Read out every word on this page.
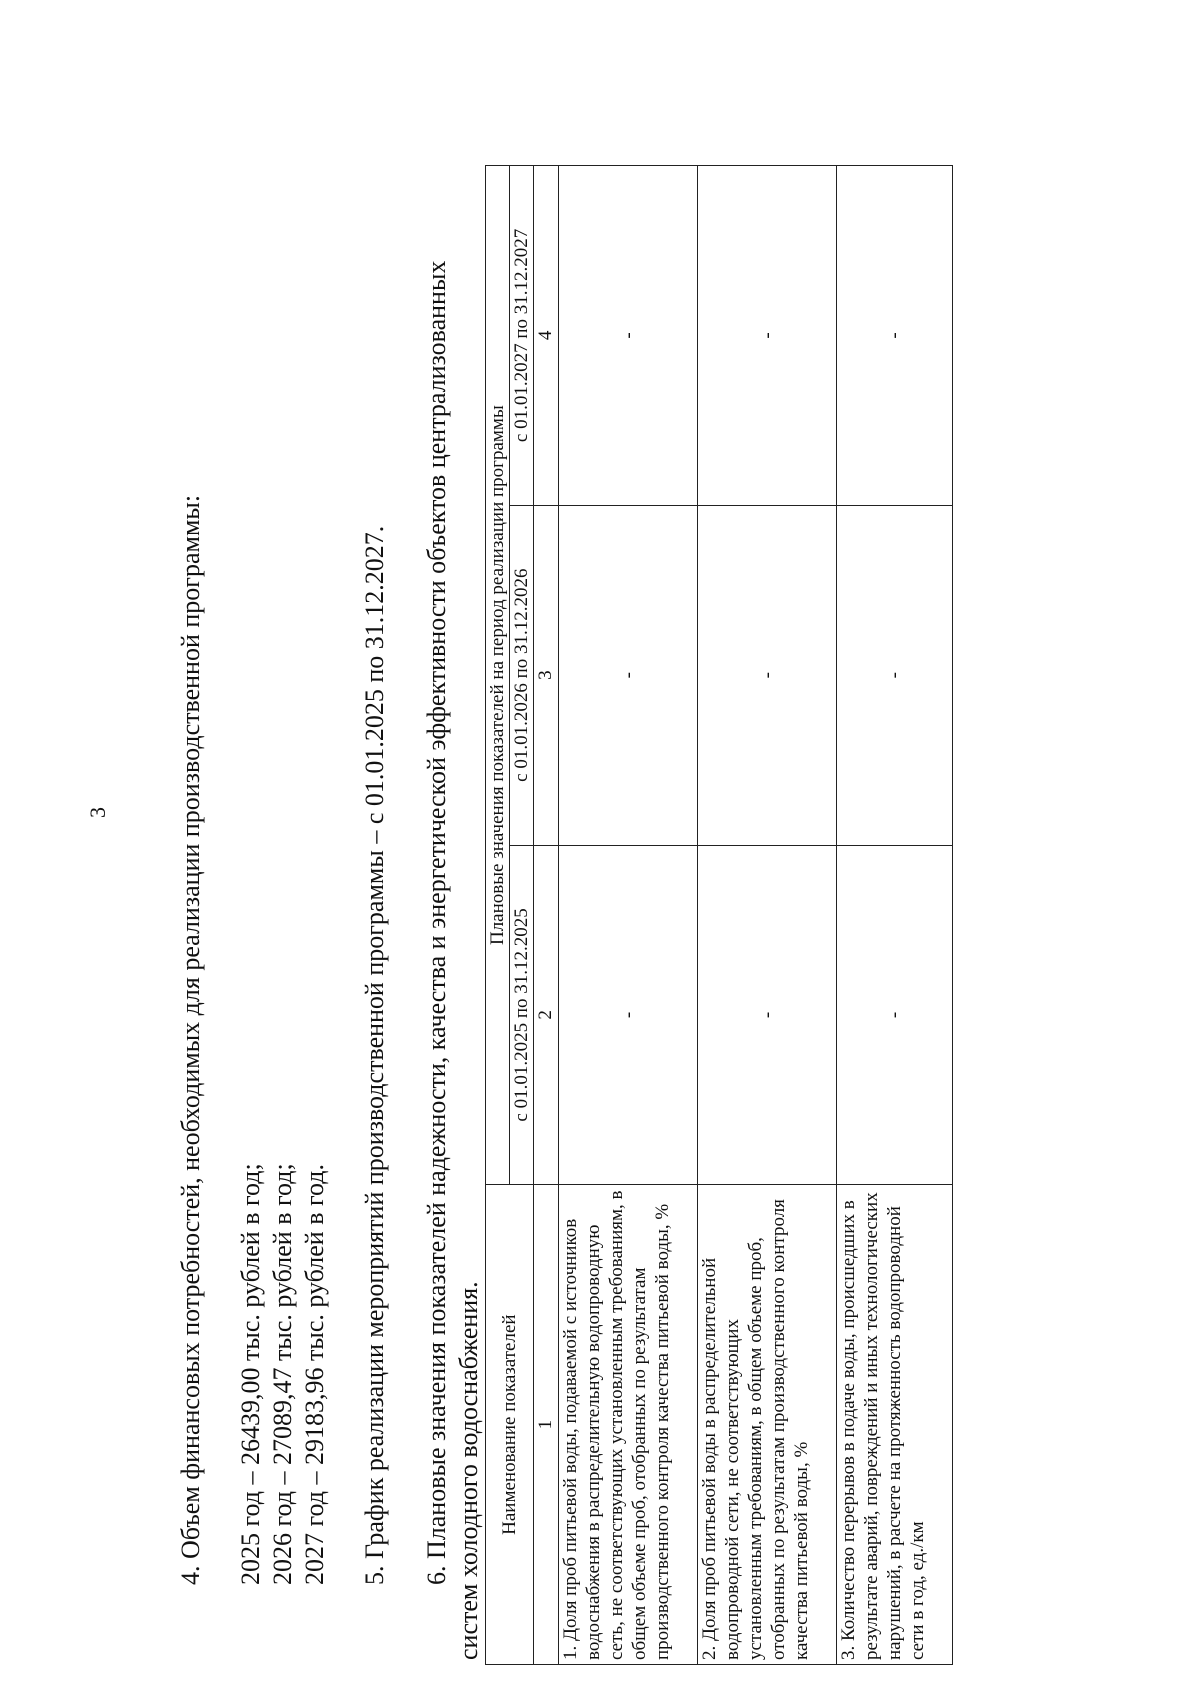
3	4. Объем финансовых потребностей, необходимых для реализации производственной программы: 2025 год – 26439,00 тыс. рублей в год; 2026 год – 27089,47 тыс. рублей в год; 2027 год – 29183,96 тыс. рублей в год. 5. График реализации мероприятий производственной программы – с 01.01.2025 по 31.12.2027. 6. Плановые значения показателей надежности, качества и энергетической эффективности объектов централизованных систем холодного водоснабжения. Наименование показателей	Плановые значения показателей на период реализации программы		
	с 01.01.2025 по 31.12.2025	с 01.01.2026 по 31.12.2026	с 01.01.2027 по 31.12.2027
1	2	3	4
1. Доля проб питьевой воды, подаваемой с источников водоснабжения в распределительную водопроводную сеть, не соответствующих установленным требованиям, в общем объеме проб, отобранных по результатам производственного контроля качества питьевой воды, %	-	-	-
2. Доля проб питьевой воды в распределительной водопроводной сети, не соответствующих установленным требованиям, в общем объеме проб, отобранных по результатам производственного контроля качества питьевой воды, %	-	-	-
3. Количество перерывов в подаче воды, происшедших в результате аварий, повреждений и иных технологических нарушений, в расчете на протяженность водопроводной сети в год, ед./км	-	-	-
